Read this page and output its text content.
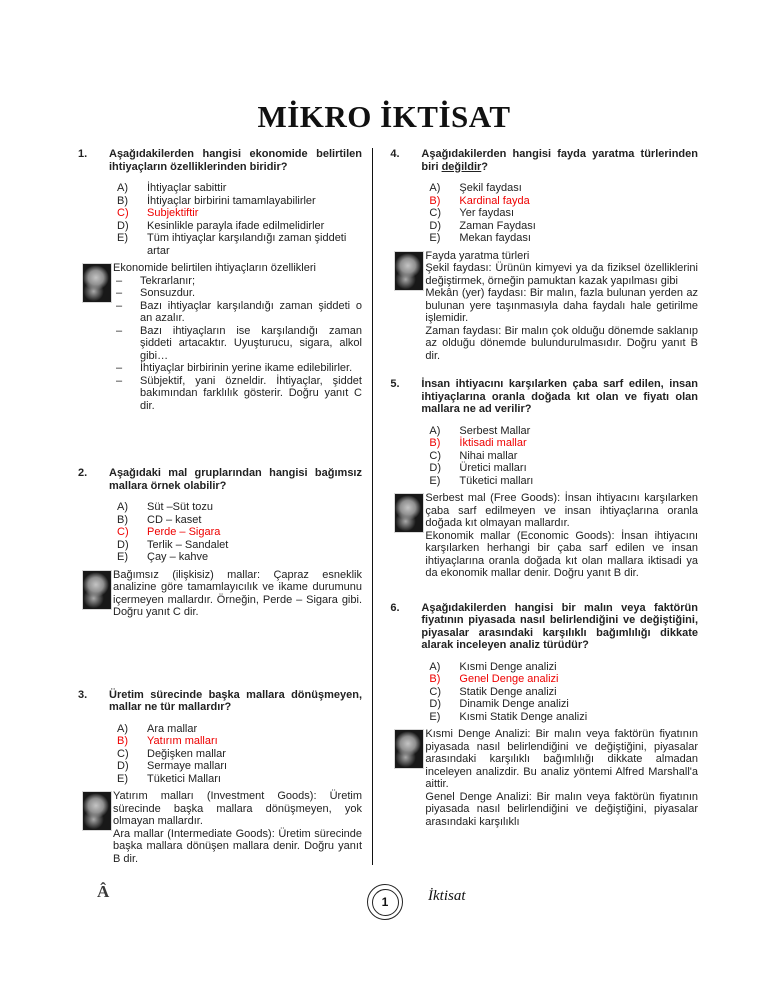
MİKRO İKTİSAT
1.	Aşağıdakilerden hangisi ekonomide belirtilen ihtiyaçların özelliklerinden biridir?
A)	İhtiyaçlar sabittir
B)	İhtiyaçlar birbirini tamamlayabilirler
C)	Subjektiftir
D)	Kesinlikle parayla ifade edilmelidirler
E)	Tüm ihtiyaçlar karşılandığı zaman şiddeti artar
Ekonomide belirtilen ihtiyaçların özellikleri
–	Tekrarlanır;
–	Sonsuzdur.
–	Bazı ihtiyaçlar karşılandığı zaman şiddeti o an azalır.
–	Bazı ihtiyaçların ise karşılandığı zaman şiddeti artacaktır. Uyuşturucu, sigara, alkol gibi…
–	İhtiyaçlar birbirinin yerine ikame edilebilirler.
–	Sübjektif, yani özneldir. İhtiyaçlar, şiddet bakımından farklılık gösterir. Doğru yanıt C dir.
2.	Aşağıdaki mal gruplarından hangisi bağımsız mallara örnek olabilir?
A)	Süt –Süt tozu
B)	CD – kaset
C)	Perde – Sigara
D)	Terlik – Sandalet
E)	Çay – kahve
Bağımsız (ilişkisiz) mallar: Çapraz esneklik analizine göre tamamlayıcılık ve ikame durumunu içermeyen mallardır. Örneğin, Perde – Sigara gibi. Doğru yanıt C dir.
3.	Üretim sürecinde başka mallara dönüşmeyen, mallar ne tür mallardır?
A)	Ara mallar
B)	Yatırım malları
C)	Değişken mallar
D)	Sermaye malları
E)	Tüketici Malları
Yatırım malları (Investment Goods): Üretim sürecinde başka mallara dönüşmeyen, yok olmayan mallardır.
Ara mallar (Intermediate Goods): Üretim sürecinde başka mallara dönüşen mallara denir. Doğru yanıt B dir.
4.	Aşağıdakilerden hangisi fayda yaratma türlerinden biri değildir?
A)	Şekil faydası
B)	Kardinal fayda
C)	Yer faydası
D)	Zaman Faydası
E)	Mekan faydası
Fayda yaratma türleri
Şekil faydası: Ürünün kimyevi ya da fiziksel özelliklerini değiştirmek, örneğin pamuktan kazak yapılması gibi
Mekân (yer) faydası: Bir malın, fazla bulunan yerden az bulunan yere taşınmasıyla daha faydalı hale getirilme işlemidir.
Zaman faydası: Bir malın çok olduğu dönemde saklanıp az olduğu dönemde bulundurulmasıdır. Doğru yanıt B dir.
5.	İnsan ihtiyacını karşılarken çaba sarf edilen, insan ihtiyaçlarına oranla doğada kıt olan ve fiyatı olan mallara ne ad verilir?
A)	Serbest Mallar
B)	İktisadi mallar
C)	Nihai mallar
D)	Üretici malları
E)	Tüketici malları
Serbest mal (Free Goods): İnsan ihtiyacını karşılarken çaba sarf edilmeyen ve insan ihtiyaçlarına oranla doğada kıt olmayan mallardır.
Ekonomik mallar (Economic Goods): İnsan ihtiyacını karşılarken herhangi bir çaba sarf edilen ve insan ihtiyaçlarına oranla doğada kıt olan mallara iktisadi ya da ekonomik mallar denir. Doğru yanıt B dir.
6.	Aşağıdakilerden hangisi bir malın veya faktörün fiyatının piyasada nasıl belirlendiğini ve değiştiğini, piyasalar arasındaki karşılıklı bağımlılığı dikkate alarak inceleyen analiz türüdür?
A)	Kısmi Denge analizi
B)	Genel Denge analizi
C)	Statik Denge analizi
D)	Dinamik Denge analizi
E)	Kısmi Statik Denge analizi
Kısmi Denge Analizi: Bir malın veya faktörün fiyatının piyasada nasıl belirlendiğini ve değiştiğini, piyasalar arasındaki karşılıklı bağımlılığı dikkate almadan inceleyen analizdir. Bu analiz yöntemi Alfred Marshall'a aittir.
Genel Denge Analizi: Bir malın veya faktörün fiyatının piyasada nasıl belirlendiğini ve değiştiğini, piyasalar arasındaki karşılıklı
Â
1	İktisat
